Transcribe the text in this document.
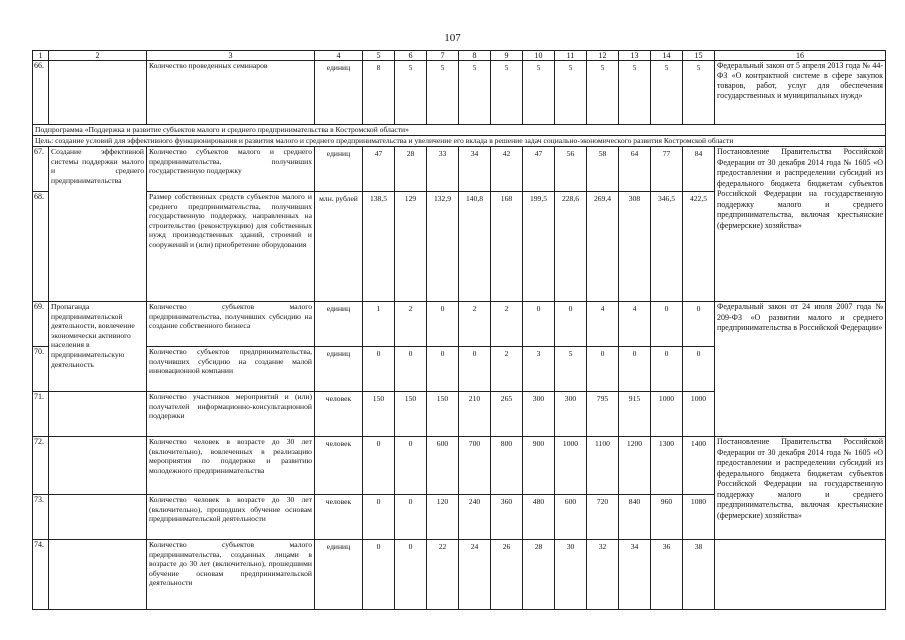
107
1	2	3	4	5	6	7	8	9	10	11	12	13	14	15	16
66.		Количество проведенных семинаров	единиц	8	5	5	5	5	5	5	5	5	5	5	Федеральный закон от 5 апреля 2013 года № 44-ФЗ «О контрактной системе в сфере закупок товаров, работ, услуг для обеспечения государственных и муниципальных нужд»
Подпрограмма «Поддержка и развитие субъектов малого и среднего предпринимательства в Костромской области»															
Цель: создание условий для эффективного функционирования и развития малого и среднего предпринимательства и увеличение его вклада в решение задач социально-экономического развития Костромской области															
67.	Создание эффективной системы поддержки малого и среднего предпринимательства	Количество субъектов малого и среднего предпринимательства, получивших государственную поддержку	единиц	47	28	33	34	42	47	56	58	64	77	84	Постановление Правительства Российской Федерации от 30 декабря 2014 года № 1605 «О предоставлении и распределении субсидий из федерального бюджета бюджетам субъектов Российской Федерации на государственную поддержку малого и среднего предпринимательства, включая крестьянские (фермерские) хозяйства»
68.		Размер собственных средств субъектов малого и среднего предпринимательства, получивших государственную поддержку, направленных на строительство (реконструкцию) для собственных нужд производственных зданий, строений и сооружений и (или) приобретение оборудования	млн. рублей	138,5	129	132,9	140,8	168	199,5	228,6	269,4	308	346,5	422,5	
69.	Пропаганда предпринимательской деятельности, вовлечение экономически активного населения в предпринимательскую деятельность	Количество субъектов малого предпринимательства, получивших субсидию на создание собственного бизнеса	единиц	1	2	0	2	2	0	0	4	4	0	0	Федеральный закон от 24 июля 2007 года № 209-ФЗ «О развитии малого и среднего предпринимательства в Российской Федерации»
70.		Количество субъектов предпринимательства, получивших субсидию на создание малой инновационной компании	единиц	0	0	0	0	2	3	5	0	0	0	0	
71.		Количество участников мероприятий и (или) получателей информационно-консультационной поддержки	человек	150	150	150	210	265	300	300	795	915	1000	1000	
72.		Количество человек в возрасте до 30 лет (включительно), вовлеченных в реализацию мероприятия по поддержке и развитию молодежного предпринимательства	человек	0	0	600	700	800	900	1000	1100	1200	1300	1400	Постановление Правительства Российской Федерации от 30 декабря 2014 года № 1605 «О предоставлении и распределении субсидий из федерального бюджета бюджетам субъектов Российской Федерации на государственную поддержку малого и среднего предпринимательства, включая крестьянские (фермерские) хозяйства»
73.		Количество человек в возрасте до 30 лет (включительно), прошедших обучение основам предпринимательской деятельности	человек	0	0	120	240	360	480	600	720	840	960	1080	
74.		Количество субъектов малого предпринимательства, созданных лицами в возрасте до 30 лет (включительно), прошедшими обучение основам предпринимательской деятельности	единиц	0	0	22	24	26	28	30	32	34	36	38	
